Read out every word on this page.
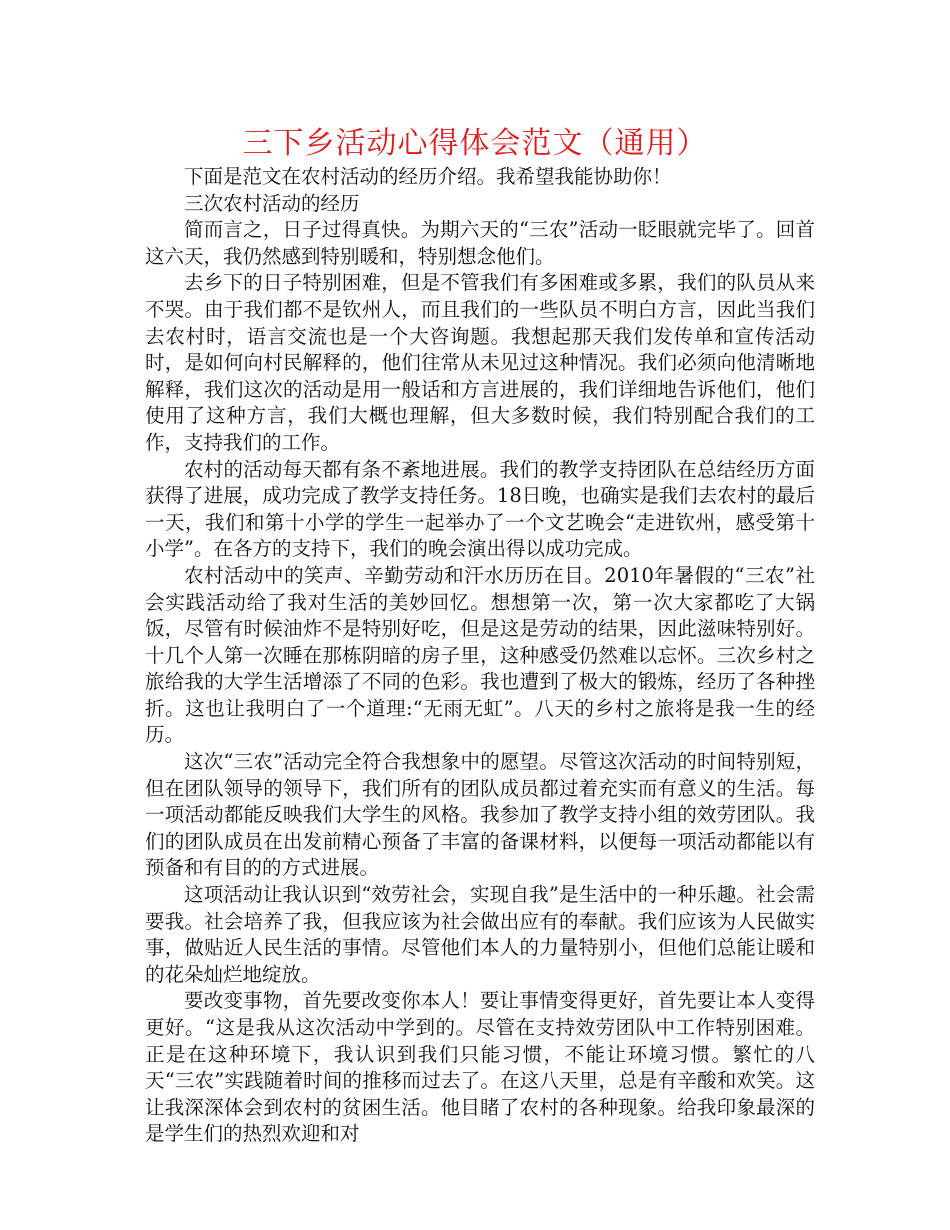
三下乡活动心得体会范文（通用）

下面是范文在农村活动的经历介绍。我希望我能协助你！

三次农村活动的经历

简而言之，日子过得真快。为期六天的“三农”活动一眨眼就完毕了。回首这六天，我仍然感到特别暖和，特别想念他们。

去乡下的日子特别困难，但是不管我们有多困难或多累，我们的队员从来不哭。由于我们都不是钦州人，而且我们的一些队员不明白方言，因此当我们去农村时，语言交流也是一个大咨询题。我想起那天我们发传单和宣传活动时，是如何向村民解释的，他们往常从未见过这种情况。我们必须向他清晰地解释，我们这次的活动是用一般话和方言进展的，我们详细地告诉他们，他们使用了这种方言，我们大概也理解，但大多数时候，我们特别配合我们的工作，支持我们的工作。

农村的活动每天都有条不紊地进展。我们的教学支持团队在总结经历方面获得了进展，成功完成了教学支持任务。18日晚，也确实是我们去农村的最后一天，我们和第十小学的学生一起举办了一个文艺晚会“走进钦州，感受第十小学”。在各方的支持下，我们的晚会演出得以成功完成。

农村活动中的笑声、辛勤劳动和汗水历历在目。2010年暑假的“三农”社会实践活动给了我对生活的美妙回忆。想想第一次，第一次大家都吃了大锅饭，尽管有时候油炸不是特别好吃，但是这是劳动的结果，因此滋味特别好。十几个人第一次睡在那栋阴暗的房子里，这种感受仍然难以忘怀。三次乡村之旅给我的大学生活增添了不同的色彩。我也遭到了极大的锻炼，经历了各种挫折。这也让我明白了一个道理:“无雨无虹”。八天的乡村之旅将是我一生的经历。

这次“三农”活动完全符合我想象中的愿望。尽管这次活动的时间特别短，但在团队领导的领导下，我们所有的团队成员都过着充实而有意义的生活。每一项活动都能反映我们大学生的风格。我参加了教学支持小组的效劳团队。我们的团队成员在出发前精心预备了丰富的备课材料，以便每一项活动都能以有预备和有目的的方式进展。

这项活动让我认识到“效劳社会，实现自我”是生活中的一种乐趣。社会需要我。社会培养了我，但我应该为社会做出应有的奉献。我们应该为人民做实事，做贴近人民生活的事情。尽管他们本人的力量特别小，但他们总能让暖和的花朵灿烂地绽放。

要改变事物，首先要改变你本人！要让事情变得更好，首先要让本人变得更好。“这是我从这次活动中学到的。尽管在支持效劳团队中工作特别困难。正是在这种环境下，我认识到我们只能习惯，不能让环境习惯。繁忙的八天“三农”实践随着时间的推移而过去了。在这八天里，总是有辛酸和欢笑。这让我深深体会到农村的贫困生活。他目睹了农村的各种现象。给我印象最深的是学生们的热烈欢迎和对
